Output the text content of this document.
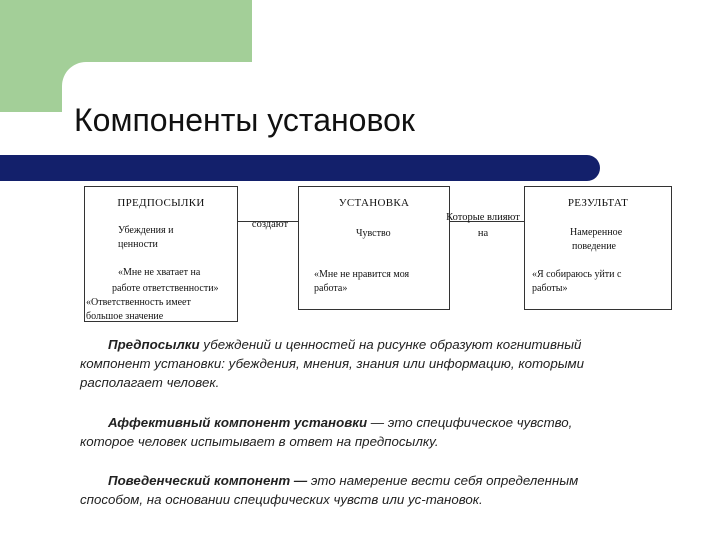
Компоненты установок
ПРЕДПОСЫЛКИ
Убеждения и
ценности
«Мне не хватает на
работе ответственности»
«Ответственность имеет
большое значение
создают
УСТАНОВКА
Чувство
«Мне не нравится моя
работа»
Которые влияют
на
РЕЗУЛЬТАТ
Намеренное
поведение
«Я собираюсь уйти с
работы»
Предпосылки убеждений и ценностей на рисунке образуют когнитивный
компонент установки: убеждения, мнения, знания или информацию, которыми
располагает человек.
Аффективный компонент установки — это специфическое чувство,
которое человек испытывает в ответ на предпосылку.
Поведенческий компонент — это намерение вести себя определенным
способом, на основании специфических чувств или ус-тановок.
